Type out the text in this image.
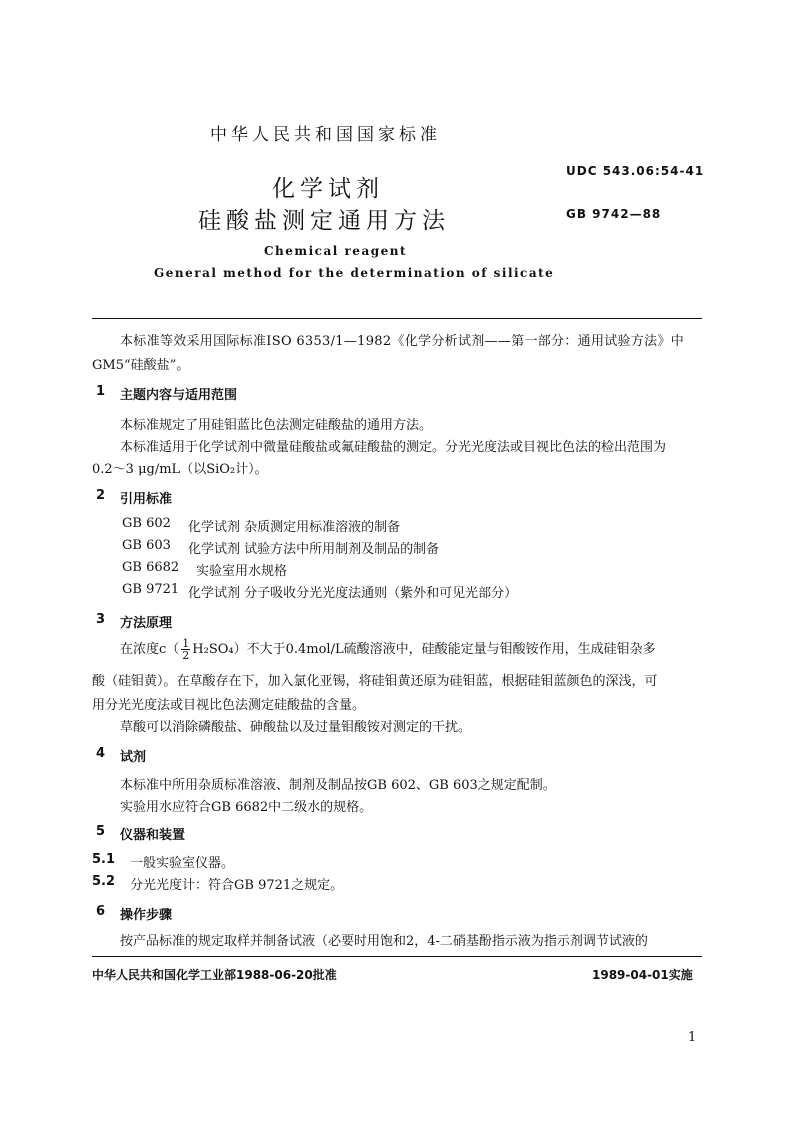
中华人民共和国国家标准
化学试剂
硅酸盐测定通用方法
UDC 543.06:54-41
GB 9742—88
Chemical reagent
General method for the determination of silicate
本标准等效采用国际标准ISO 6353/1—1982《化学分析试剂——第一部分：通用试验方法》中
GM5“硅酸盐”。
1 主题内容与适用范围
本标准规定了用硅钼蓝比色法测定硅酸盐的通用方法。
本标准适用于化学试剂中微量硅酸盐或氟硅酸盐的测定。分光光度法或目视比色法的检出范围为
0.2～3 μg/mL（以SiO₂计）。
2 引用标准
GB 602 化学试剂 杂质测定用标准溶液的制备
GB 603 化学试剂 试验方法中所用制剂及制品的制备
GB 6682 实验室用水规格
GB 9721 化学试剂 分子吸收分光光度法通则（紫外和可见光部分）
3 方法原理
在浓度$c( \frac{1}{2} H_2SO_4)$不大于0.4mol/L硫酸溶液中，硅酸能定量与钼酸铵作用，生成硅钼杂多
酸（硅钼黄）。在草酸存在下，加入氯化亚锡，将硅钼黄还原为硅钼蓝，根据硅钼蓝颜色的深浅，可
用分光光度法或目视比色法测定硅酸盐的含量。
草酸可以消除磷酸盐、砷酸盐以及过量钼酸铵对测定的干扰。
4 试剂
本标准中所用杂质标准溶液、制剂及制品按GB 602、GB 603之规定配制。
实验用水应符合GB 6682中二级水的规格。
5 仪器和装置
5.1 一般实验室仪器。
5.2 分光光度计：符合GB 9721之规定。
6 操作步骤
按产品标准的规定取样并制备试液（必要时用饱和2，4-二硝基酚指示液为指示剂调节试液的
中华人民共和国化学工业部1988-06-20批准	1989-04-01实施
1
